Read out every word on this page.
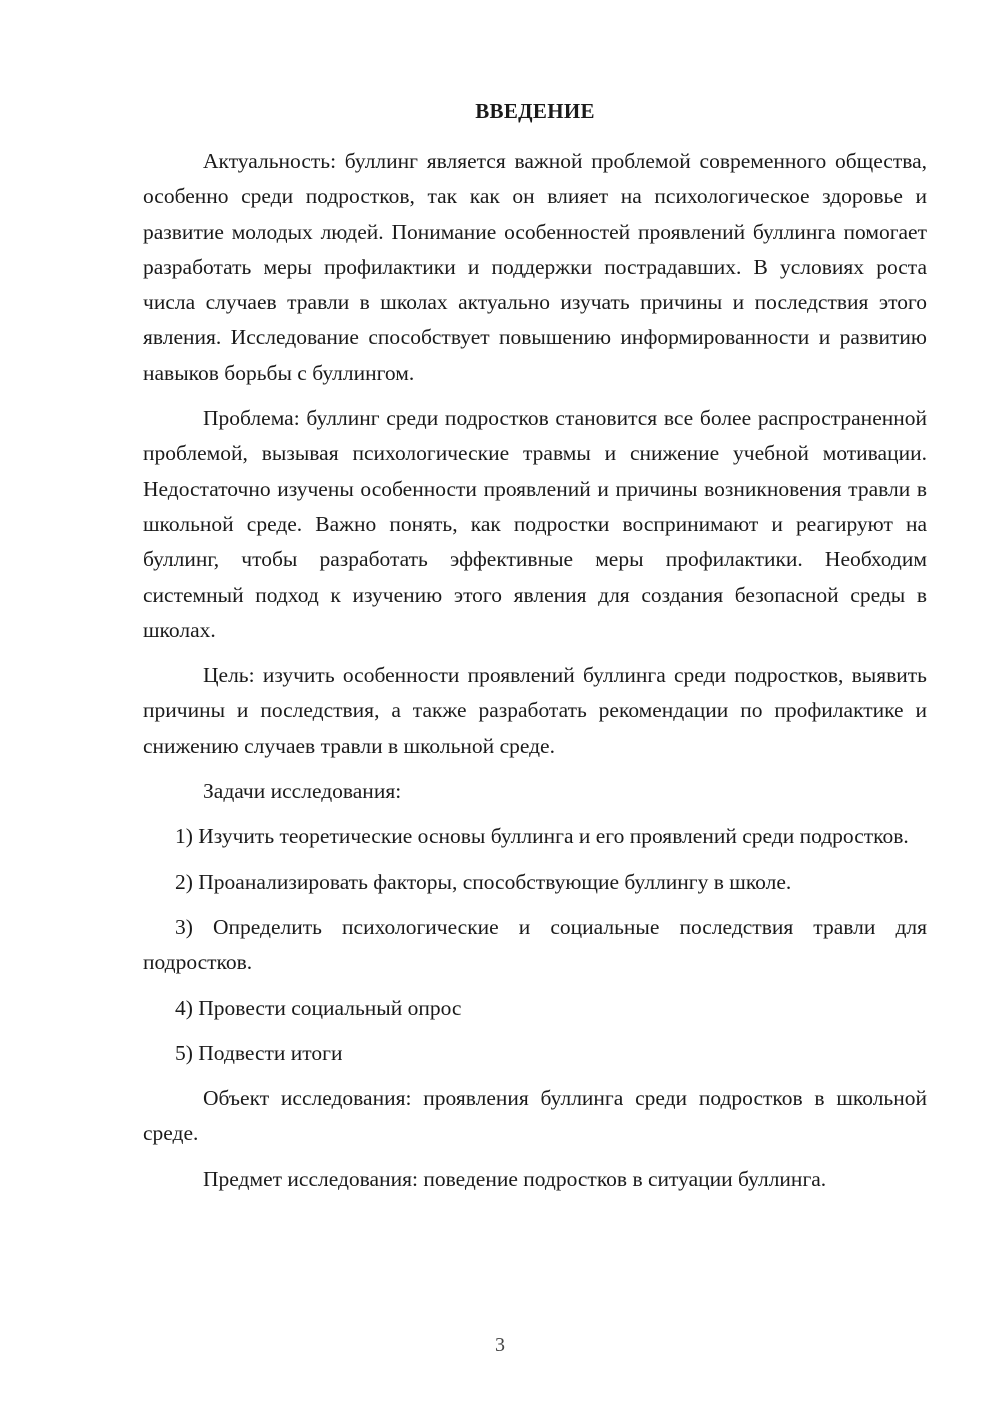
ВВЕДЕНИЕ

Актуальность: буллинг является важной проблемой современного общества, особенно среди подростков, так как он влияет на психологическое здоровье и развитие молодых людей. Понимание особенностей проявлений буллинга помогает разработать меры профилактики и поддержки пострадавших. В условиях роста числа случаев травли в школах актуально изучать причины и последствия этого явления. Исследование способствует повышению информированности и развитию навыков борьбы с буллингом.

Проблема: буллинг среди подростков становится все более распространенной проблемой, вызывая психологические травмы и снижение учебной мотивации. Недостаточно изучены особенности проявлений и причины возникновения травли в школьной среде. Важно понять, как подростки воспринимают и реагируют на буллинг, чтобы разработать эффективные меры профилактики. Необходим системный подход к изучению этого явления для создания безопасной среды в школах.

Цель: изучить особенности проявлений буллинга среди подростков, выявить причины и последствия, а также разработать рекомендации по профилактике и снижению случаев травли в школьной среде.

Задачи исследования:

1) Изучить теоретические основы буллинга и его проявлений среди подростков.

2) Проанализировать факторы, способствующие буллингу в школе.

3) Определить психологические и социальные последствия травли для подростков.

4) Провести социальный опрос

5) Подвести итоги

Объект исследования: проявления буллинга среди подростков в школьной среде.

Предмет исследования: поведение подростков в ситуации буллинга.

3
